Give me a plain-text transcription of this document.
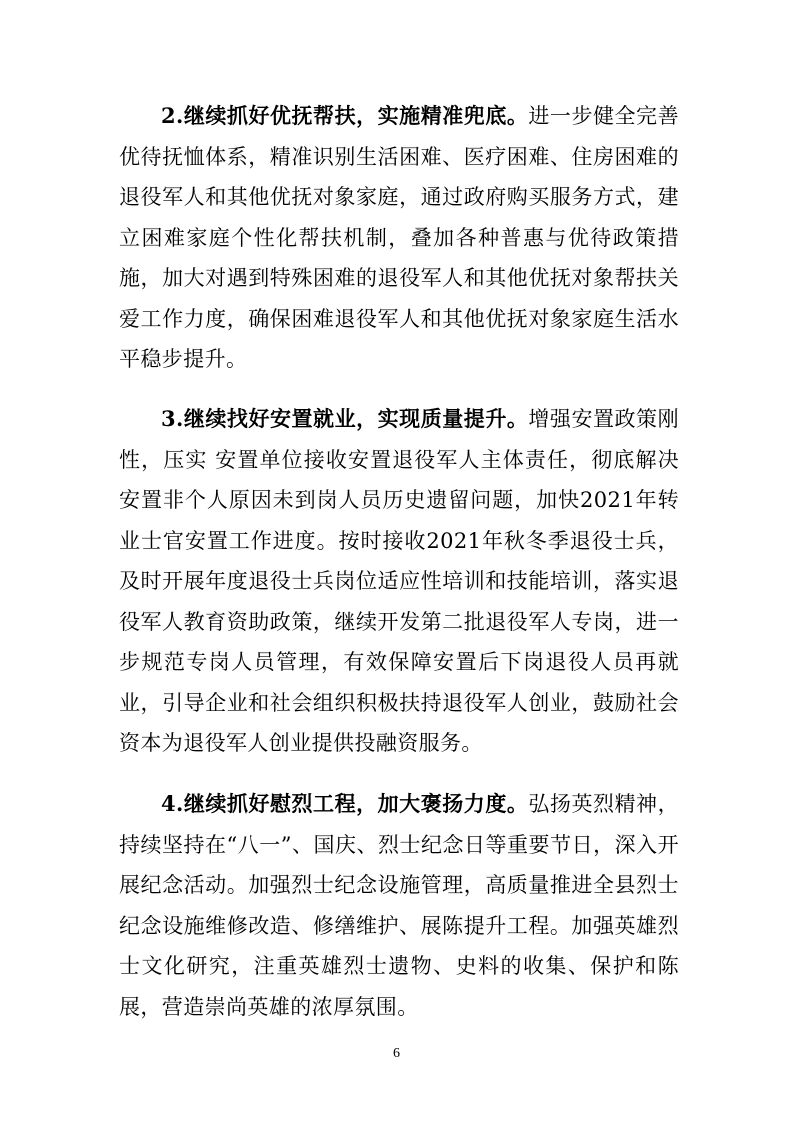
2.继续抓好优抚帮扶，实施精准兜底。进一步健全完善优待抚恤体系，精准识别生活困难、医疗困难、住房困难的退役军人和其他优抚对象家庭，通过政府购买服务方式，建立困难家庭个性化帮扶机制，叠加各种普惠与优待政策措施，加大对遇到特殊困难的退役军人和其他优抚对象帮扶关爱工作力度，确保困难退役军人和其他优抚对象家庭生活水平稳步提升。

3.继续找好安置就业，实现质量提升。增强安置政策刚性，压实 安置单位接收安置退役军人主体责任，彻底解决安置非个人原因未到岗人员历史遗留问题，加快2021年转业士官安置工作进度。按时接收2021年秋冬季退役士兵，及时开展年度退役士兵岗位适应性培训和技能培训，落实退役军人教育资助政策，继续开发第二批退役军人专岗，进一步规范专岗人员管理，有效保障安置后下岗退役人员再就业，引导企业和社会组织积极扶持退役军人创业，鼓励社会资本为退役军人创业提供投融资服务。

4.继续抓好慰烈工程，加大褒扬力度。弘扬英烈精神，持续坚持在“八一”、国庆、烈士纪念日等重要节日，深入开展纪念活动。加强烈士纪念设施管理，高质量推进全县烈士纪念设施维修改造、修缮维护、展陈提升工程。加强英雄烈士文化研究，注重英雄烈士遗物、史料的收集、保护和陈展，营造崇尚英雄的浓厚氛围。

6
